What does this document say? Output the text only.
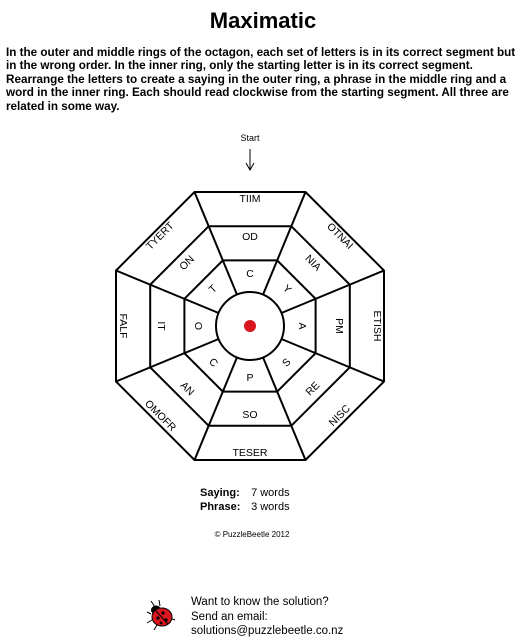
Maximatic
In the outer and middle rings of the octagon, each set of letters is in its correct segment but in the wrong order. In the inner ring, only the starting letter is in its correct segment. Rearrange the letters to create a saying in the outer ring, a phrase in the middle ring and a word in the inner ring. Each should read clockwise from the starting segment. All three are related in some way.
Start
TIIM
OTNAI
ETISH
NISC
TESER
OMOFR
FALF
TYERT	OD
NIA
PM
RE
SO
AN
IT
ON
C
Y
A
S
P
C
O
T
Saying: 7 words
Phrase: 3 words
© PuzzleBeetle 2012
Want to know the solution?
Send an email:
solutions@puzzlebeetle.co.nz
